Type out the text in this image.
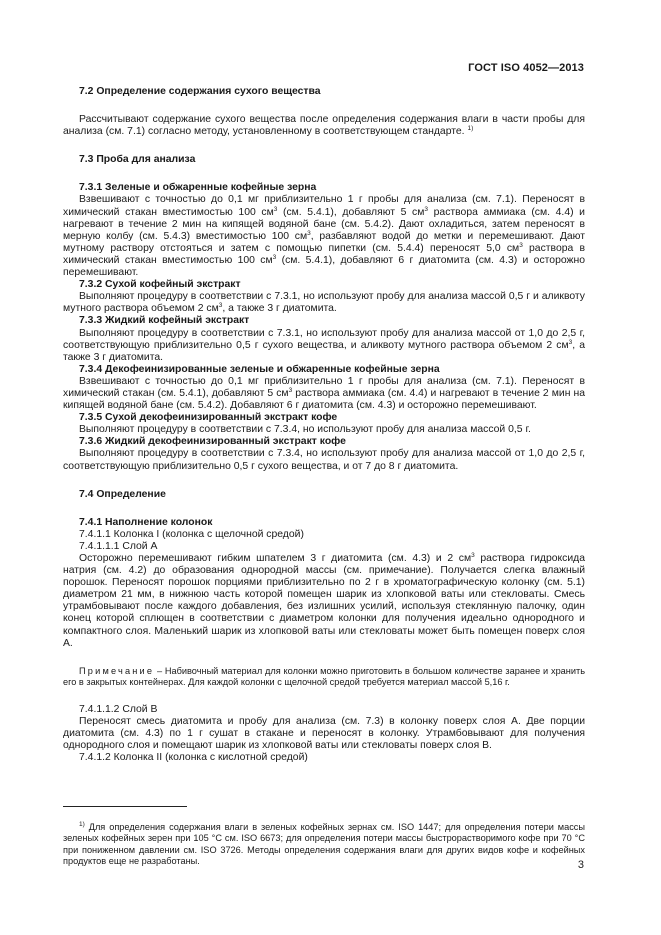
ГОСТ ISO 4052—2013

7.2 Определение содержания сухого вещества

Рассчитывают содержание сухого вещества после определения содержания влаги в части пробы для анализа (см. 7.1) согласно методу, установленному в соответствующем стандарте. $^{1)}$

7.3 Проба для анализа

7.3.1 Зеленые и обжаренные кофейные зерна

Взвешивают с точностью до 0,1 мг приблизительно 1 г пробы для анализа (см. 7.1). Переносят в химический стакан вместимостью 100 $см^3$ (см. 5.4.1), добавляют 5 $см^3$ раствора аммиака (см. 4.4) и нагревают в течение 2 мин на кипящей водяной бане (см. 5.4.2). Дают охладиться, затем переносят в мерную колбу (см. 5.4.3) вместимостью 100 $см^3$, разбавляют водой до метки и перемешивают. Дают мутному раствору отстояться и затем с помощью пипетки (см. 5.4.4) переносят 5,0 $см^3$ раствора в химический стакан вместимостью 100 $см^3$ (см. 5.4.1), добавляют 6 г диатомита (см. 4.3) и осторожно перемешивают.

7.3.2 Сухой кофейный экстракт

Выполняют процедуру в соответствии с 7.3.1, но используют пробу для анализа массой 0,5 г и аликвоту мутного раствора объемом 2 $см^3$, а также 3 г диатомита.

7.3.3 Жидкий кофейный экстракт

Выполняют процедуру в соответствии с 7.3.1, но используют пробу для анализа массой от 1,0 до 2,5 г, соответствующую приблизительно 0,5 г сухого вещества, и аликвоту мутного раствора объемом 2 $см^3$, а также 3 г диатомита.

7.3.4 Декофеинизированные зеленые и обжаренные кофейные зерна

Взвешивают с точностью до 0,1 мг приблизительно 1 г пробы для анализа (см. 7.1). Переносят в химический стакан (см. 5.4.1), добавляют 5 $см^3$ раствора аммиака (см. 4.4) и нагревают в течение 2 мин на кипящей водяной бане (см. 5.4.2). Добавляют 6 г диатомита (см. 4.3) и осторожно перемешивают.

7.3.5 Сухой декофеинизированный экстракт кофе

Выполняют процедуру в соответствии с 7.3.4, но используют пробу для анализа массой 0,5 г.

7.3.6 Жидкий декофеинизированный экстракт кофе

Выполняют процедуру в соответствии с 7.3.4, но используют пробу для анализа массой от 1,0 до 2,5 г, соответствующую приблизительно 0,5 г сухого вещества, и от 7 до 8 г диатомита.

7.4 Определение

7.4.1 Наполнение колонок

7.4.1.1 Колонка I (колонка с щелочной средой)

7.4.1.1.1 Слой А

Осторожно перемешивают гибким шпателем 3 г диатомита (см. 4.3) и 2 $см^3$ раствора гидроксида натрия (см. 4.2) до образования однородной массы (см. примечание). Получается слегка влажный порошок. Переносят порошок порциями приблизительно по 2 г в хроматографическую колонку (см. 5.1) диаметром 21 мм, в нижнюю часть которой помещен шарик из хлопковой ваты или стекловаты. Смесь утрамбовывают после каждого добавления, без излишних усилий, используя стеклянную палочку, один конец которой сплющен в соответствии с диаметром колонки для получения идеально однородного и компактного слоя. Маленький шарик из хлопковой ваты или стекловаты может быть помещен поверх слоя А.

Примечание – Набивочный материал для колонки можно приготовить в большом количестве заранее и хранить его в закрытых контейнерах. Для каждой колонки с щелочной средой требуется материал массой 5,16 г.

7.4.1.1.2 Слой В

Переносят смесь диатомита и пробу для анализа (см. 7.3) в колонку поверх слоя А. Две порции диатомита (см. 4.3) по 1 г сушат в стакане и переносят в колонку. Утрамбовывают для получения однородного слоя и помещают шарик из хлопковой ваты или стекловаты поверх слоя В.

7.4.1.2 Колонка II (колонка с кислотной средой)

$^{1)}$ Для определения содержания влаги в зеленых кофейных зернах см. ISO 1447; для определения потери массы зеленых кофейных зерен при 105 °С см. ISO 6673; для определения потери массы быстрорастворимого кофе при 70 °С при пониженном давлении см. ISO 3726. Методы определения содержания влаги для других видов кофе и кофейных продуктов еще не разработаны.	3
